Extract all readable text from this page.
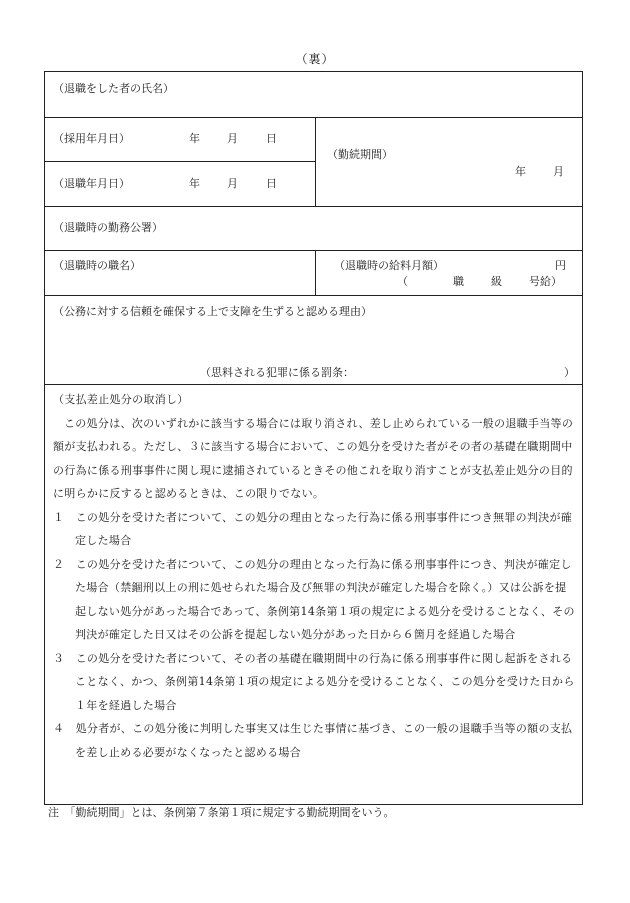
（裏）
（退職をした者の氏名）
（採用年月日）	年 月	日
（退職年月日）	年 月	日
（勤続期間）
年 月
（退職時の勤務公署）
（退職時の職名）	（退職時の給料月額）	円
（	職 級 号給）
（公務に対する信頼を確保する上で支障を生ずると認める理由）
（思料される犯罪に係る罰条：	）

（支払差止処分の取消し）

この処分は、次のいずれかに該当する場合には取り消され、差し止められている一般の退職手当等の額が支払われる。ただし、３に該当する場合において、この処分を受けた者がその者の基礎在職期間中の行為に係る刑事事件に関し現に逮捕されているときその他これを取り消すことが支払差止処分の目的に明らかに反すると認めるときは、この限りでない。

１　この処分を受けた者について、この処分の理由となった行為に係る刑事事件につき無罪の判決が確定した場合

２　この処分を受けた者について、この処分の理由となった行為に係る刑事事件につき、判決が確定した場合（禁錮刑以上の刑に処せられた場合及び無罪の判決が確定した場合を除く。）又は公訴を提起しない処分があった場合であって、条例第14条第１項の規定による処分を受けることなく、その判決が確定した日又はその公訴を提起しない処分があった日から６箇月を経過した場合

３　この処分を受けた者について、その者の基礎在職期間中の行為に係る刑事事件に関し起訴をされることなく、かつ、条例第14条第１項の規定による処分を受けることなく、この処分を受けた日から１年を経過した場合

４　処分者が、この処分後に判明した事実又は生じた事情に基づき、この一般の退職手当等の額の支払を差し止める必要がなくなったと認める場合

注　「勤続期間」とは、条例第７条第１項に規定する勤続期間をいう。
